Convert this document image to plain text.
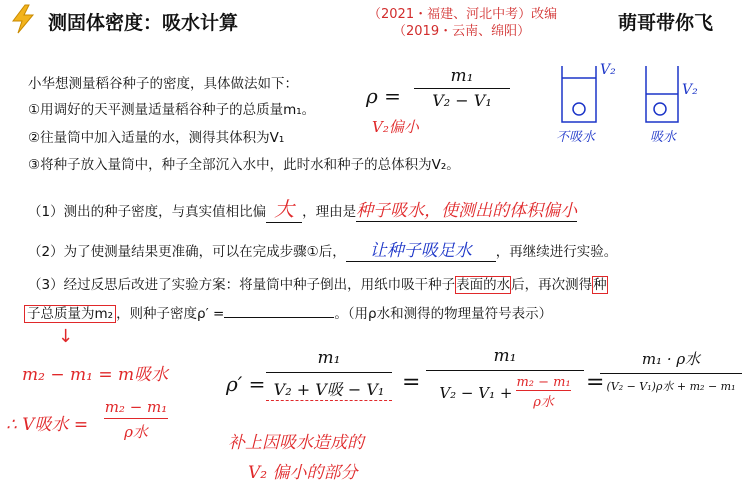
测固体密度：吸水计算	（2021・福建、河北中考）改编
（2019・云南、绵阳）	萌哥带你飞
小华想测量稻谷种子的密度，具体做法如下：
①用调好的天平测量适量稻谷种子的总质量m₁。
②往量筒中加入适量的水，测得其体积为V₁
③将种子放入量筒中，种子全部沉入水中，此时水和种子的总体积为V₂。
（1）测出的种子密度，与真实值相比偏 大 ，理由是种子吸水，使测出的体积偏小
（2）为了使测量结果更准确，可以在完成步骤①后， 让种子吸足水 ，再继续进行实验。
（3）经过反思后改进了实验方案：将量筒中种子倒出，用纸巾吸干种子表面的水后，再次测得种
子总质量为m₂ ，则种子密度ρ′ =	。（用ρ水和测得的物理量符号表示）
ρ =
m₁
V₂ − V₁
V₂偏小
V₂
V₂
不吸水	吸水
↓
m₂ − m₁ = m吸水
∴ V吸水 =
m₂ − m₁
ρ水
ρ′ =
m₁
V₂ + V吸 − V₁ =
m₁
V₂ − V₁ +
m₂ − m₁
ρ水
=
m₁ · ρ水
(V₂ − V₁)ρ水 + m₂ − m₁
补上因吸水造成的
V₂ 偏小的部分
